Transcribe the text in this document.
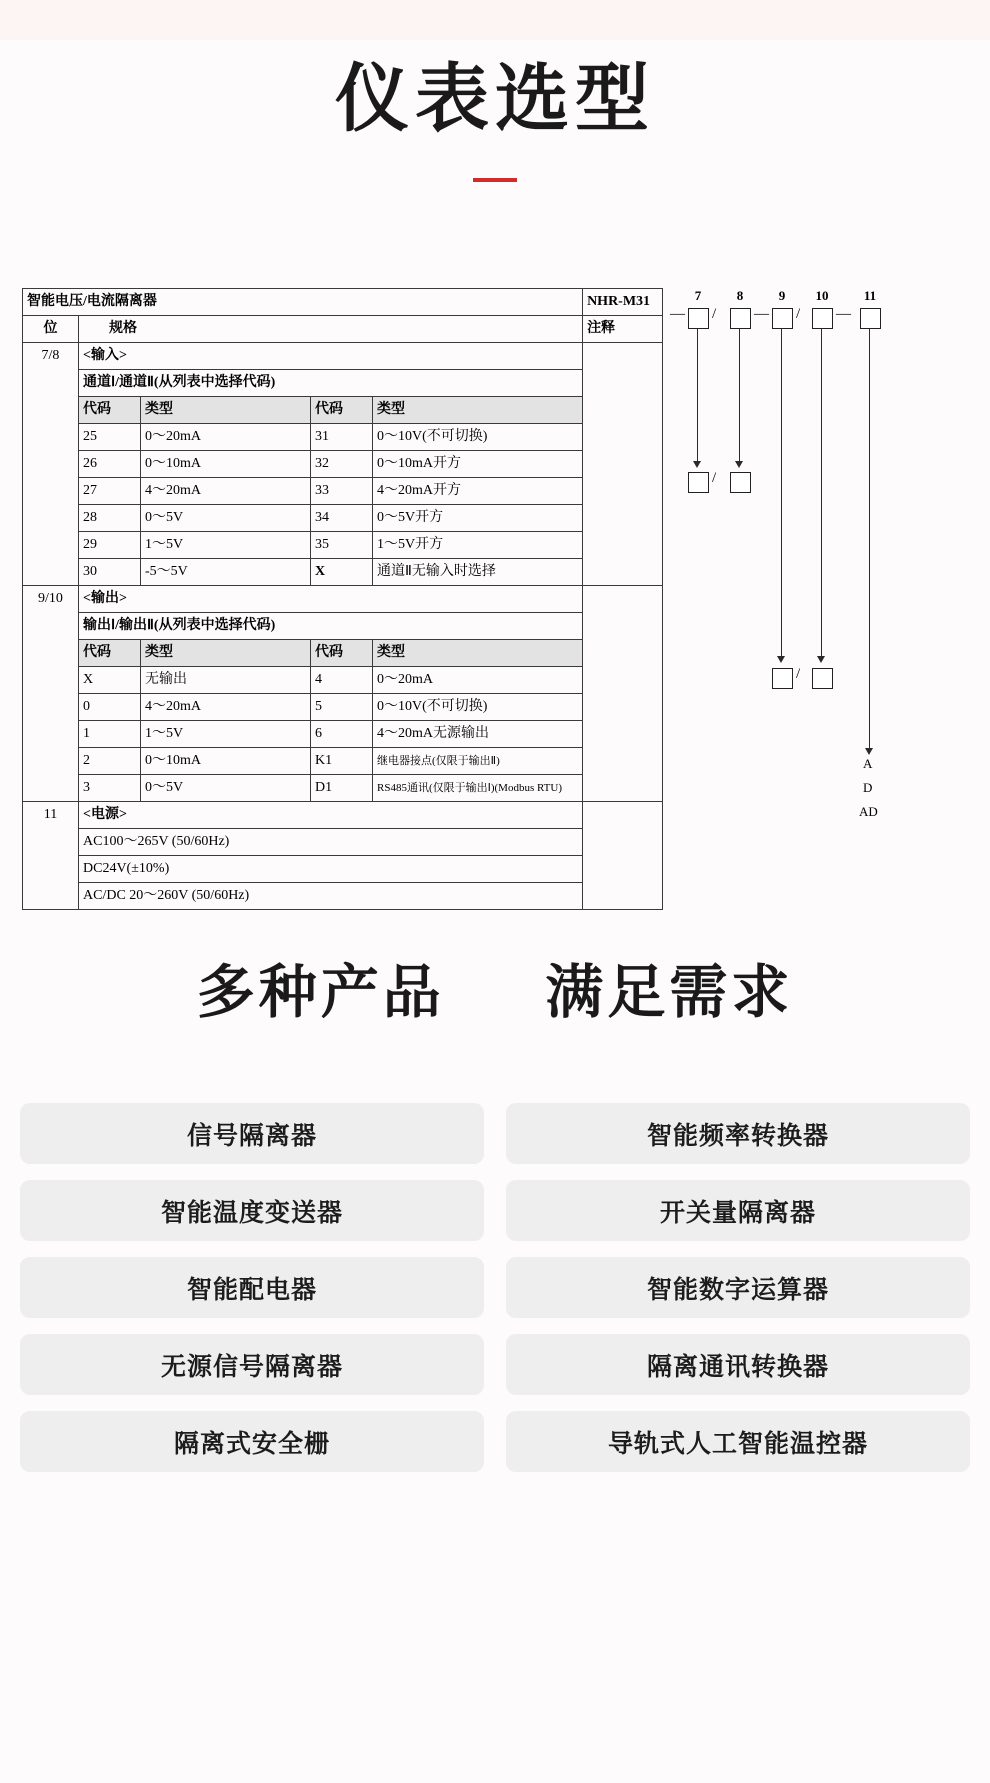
仪表选型
智能电压/电流隔离器					NHR-M31
位	规格				注释
7/8	<输入>				
	通道Ⅰ/通道Ⅱ(从列表中选择代码)				
	代码	类型	代码	类型	
	25	0～20mA	31	0～10V(不可切换)	
	26	0～10mA	32	0～10mA开方	
	27	4～20mA	33	4～20mA开方	
	28	0～5V	34	0～5V开方	
	29	1～5V	35	1～5V开方	
	30	-5～5V	X	通道Ⅱ无输入时选择	
9/10	<输出>				
	输出Ⅰ/输出Ⅱ(从列表中选择代码)				
	代码	类型	代码	类型	
	X	无输出	4	0～20mA	
	0	4～20mA	5	0～10V(不可切换)	
	1	1～5V	6	4～20mA无源输出	
	2	0～10mA	K1	继电器接点(仅限于输出Ⅱ)	
	3	0～5V	D1	RS485通讯(仅限于输出Ⅰ)(Modbus RTU)	
11	<电源>				
	AC100～265V (50/60Hz)				
	DC24V(±10%)				
	AC/DC 20～260V (50/60Hz)				
7	8	9	10	11
— /	— / —
/
/
A
D
AD
多种产品 满足需求
信号隔离器	智能频率转换器
智能温度变送器	开关量隔离器
智能配电器	智能数字运算器
无源信号隔离器	隔离通讯转换器
隔离式安全栅	导轨式人工智能温控器
